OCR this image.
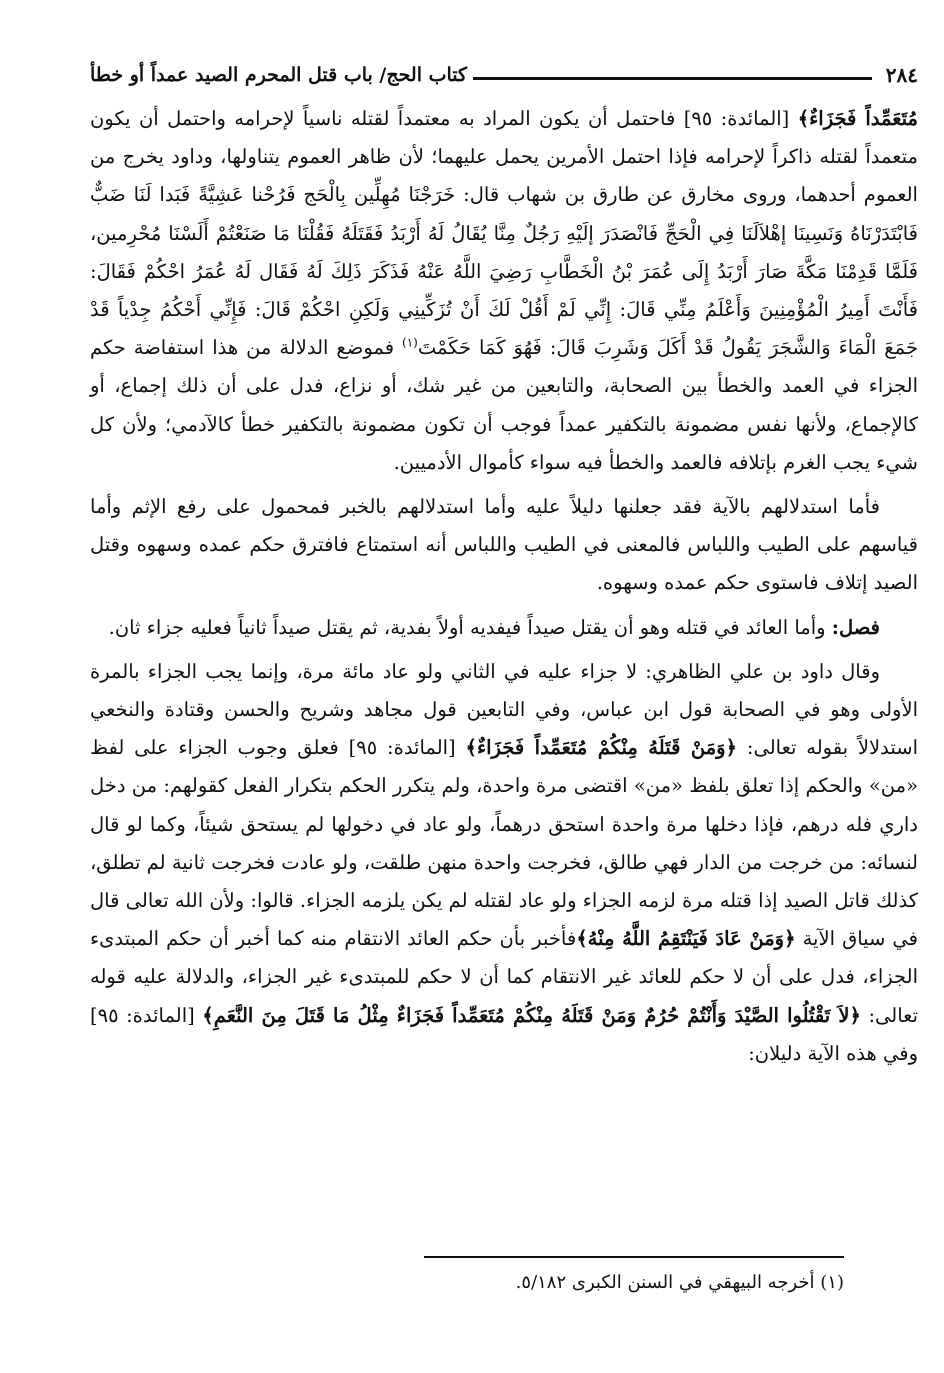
٢٨٤
كتاب الحج/ باب قتل المحرم الصيد عمداً أو خطأ

مُتَعَمِّداً فَجَزَاءٌ﴾ [المائدة: ٩٥] فاحتمل أن يكون المراد به معتمداً لقتله ناسياً لإحرامه واحتمل أن يكون متعمداً لقتله ذاكراً لإحرامه فإذا احتمل الأمرين يحمل عليهما؛ لأن ظاهر العموم يتناولها، وداود يخرج من العموم أحدهما، وروى مخارق عن طارق بن شهاب قال: خَرَجْنَا مُهِلِّين بِالْحَج فَرُحْنا عَشِيَّةً فَبَدا لَنَا ضَبٌّ فَابْتَدَرْنَاهُ وَنَسِينَا إهْلاَلَنَا فِي الْحَجِّ فَانْصَدَرَ إلَيْهِ رَجُلٌ مِنَّا يُقَالُ لَهُ أَرْبَدُ فَقَتَلَهُ فَقُلْنَا مَا صَنَعْتُمْ أَلَسْنَا مُحْرِمين، فَلَمَّا قَدِمْنَا مَكَّةَ صَارَ أَرْبَدُ إِلَى عُمَرَ بْنُ الْخَطَّابِ رَضِيَ اللَّهُ عَنْهُ فَذَكَرَ ذَلِكَ لَهُ فَقَال لَهُ عُمَرُ احْكُمْ فَقَالَ: فَأَنْتَ أَمِيرُ الْمُؤْمِنِينَ وَأَعْلَمُ مِنِّي قَالَ: إِنِّي لَمْ أَقُلْ لَكَ أَنْ تُزَكِّينِي وَلَكِنِ احْكُمْ قَالَ: فَإِنِّي أَحْكُمُ جِدْياً قَدْ جَمَعَ الْمَاءَ وَالشَّجَرَ يَقُولُ قَدْ أَكَلَ وَشَرِبَ قَالَ: فَهُوَ كَمَا حَكَمْتَ$^{(١)}$ فموضع الدلالة من هذا استفاضة حكم الجزاء في العمد والخطأ بين الصحابة، والتابعين من غير شك، أو نزاع، فدل على أن ذلك إجماع، أو كالإجماع، ولأنها نفس مضمونة بالتكفير عمداً فوجب أن تكون مضمونة بالتكفير خطأ كالآدمي؛ ولأن كل شيء يجب الغرم بإتلافه فالعمد والخطأ فيه سواء كأموال الأدميين.

فأما استدلالهم بالآية فقد جعلنها دليلاً عليه وأما استدلالهم بالخبر فمحمول على رفع الإثم وأما قياسهم على الطيب واللباس فالمعنى في الطيب واللباس أنه استمتاع فافترق حكم عمده وسهوه وقتل الصيد إتلاف فاستوى حكم عمده وسهوه.

فصل: وأما العائد في قتله وهو أن يقتل صيداً فيفديه أولاً بفدية، ثم يقتل صيداً ثانياً فعليه جزاء ثان.

وقال داود بن علي الظاهري: لا جزاء عليه في الثاني ولو عاد مائة مرة، وإنما يجب الجزاء بالمرة الأولى وهو في الصحابة قول ابن عباس، وفي التابعين قول مجاهد وشريح والحسن وقتادة والنخعي استدلالاً بقوله تعالى: ﴿وَمَنْ قَتَلَهُ مِنْكُمْ مُتَعَمِّداً فَجَزَاءٌ﴾ [المائدة: ٩٥] فعلق وجوب الجزاء على لفظ «من» والحكم إذا تعلق بلفظ «من» اقتضى مرة واحدة، ولم يتكرر الحكم بتكرار الفعل كقولهم: من دخل داري فله درهم، فإذا دخلها مرة واحدة استحق درهماً، ولو عاد في دخولها لم يستحق شيئاً، وكما لو قال لنسائه: من خرجت من الدار فهي طالق، فخرجت واحدة منهن طلقت، ولو عادت فخرجت ثانية لم تطلق، كذلك قاتل الصيد إذا قتله مرة لزمه الجزاء ولو عاد لقتله لم يكن يلزمه الجزاء. قالوا: ولأن الله تعالى قال في سياق الآية ﴿وَمَنْ عَادَ فَيَنْتَقِمُ اللَّهُ مِنْهُ﴾فأخبر بأن حكم العائد الانتقام منه كما أخبر أن حكم المبتدىء الجزاء، فدل على أن لا حكم للعائد غير الانتقام كما أن لا حكم للمبتدىء غير الجزاء، والدلالة عليه قوله تعالى: ﴿لاَ تَقْتُلُوا الصَّيْدَ وَأَنْتُمْ حُرُمٌ وَمَنْ قَتَلَهُ مِنْكُمْ مُتَعَمِّداً فَجَزَاءٌ مِثْلُ مَا قَتَلَ مِنَ النَّعَمِ﴾ [المائدة: ٩٥] وفي هذه الآية دليلان:

(١) أخرجه البيهقي في السنن الكبرى ٥/١٨٢.
